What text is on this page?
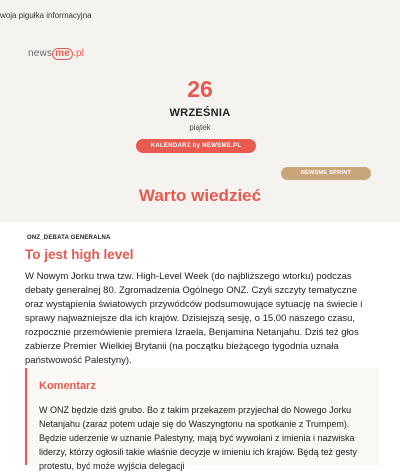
woja pigułka informacyjna
news me .pl
26
WRZEŚNIA
piątek
KALENDARZ by NEWSME.PL
NEWSME SPRINT
Warto wiedzieć
ONZ_DEBATA GENERALNA
To jest high level
W Nowym Jorku trwa tzw. High-Level Week (do najbliższego wtorku) podczas debaty generalnej 80. Zgromadzenia Ogólnego ONZ. Czyli szczyty tematyczne oraz wystąpienia światowych przywódców podsumowujące sytuację na świecie i sprawy najważniejsze dla ich krajów. Dzisiejszą sesję, o 15.00 naszego czasu, rozpocznie przemówienie premiera Izraela, Benjamina Netanjahu. Dziś też głos zabierze Premier Wielkiej Brytanii (na początku bieżącego tygodnia uznała państwowość Palestyny).
Komentarz
W ONZ będzie dziś grubo. Bo z takim przekazem przyjechał do Nowego Jorku Netanjahu (zaraz potem udaje się do Waszyngtonu na spotkanie z Trumpem). Będzie uderzenie w uznanie Palestyny, mają być wywołani z imienia i nazwiska liderzy, którzy ogłosili takie właśnie decyzje w imieniu ich krajów. Będą też gesty protestu, być może wyjścia delegacji
